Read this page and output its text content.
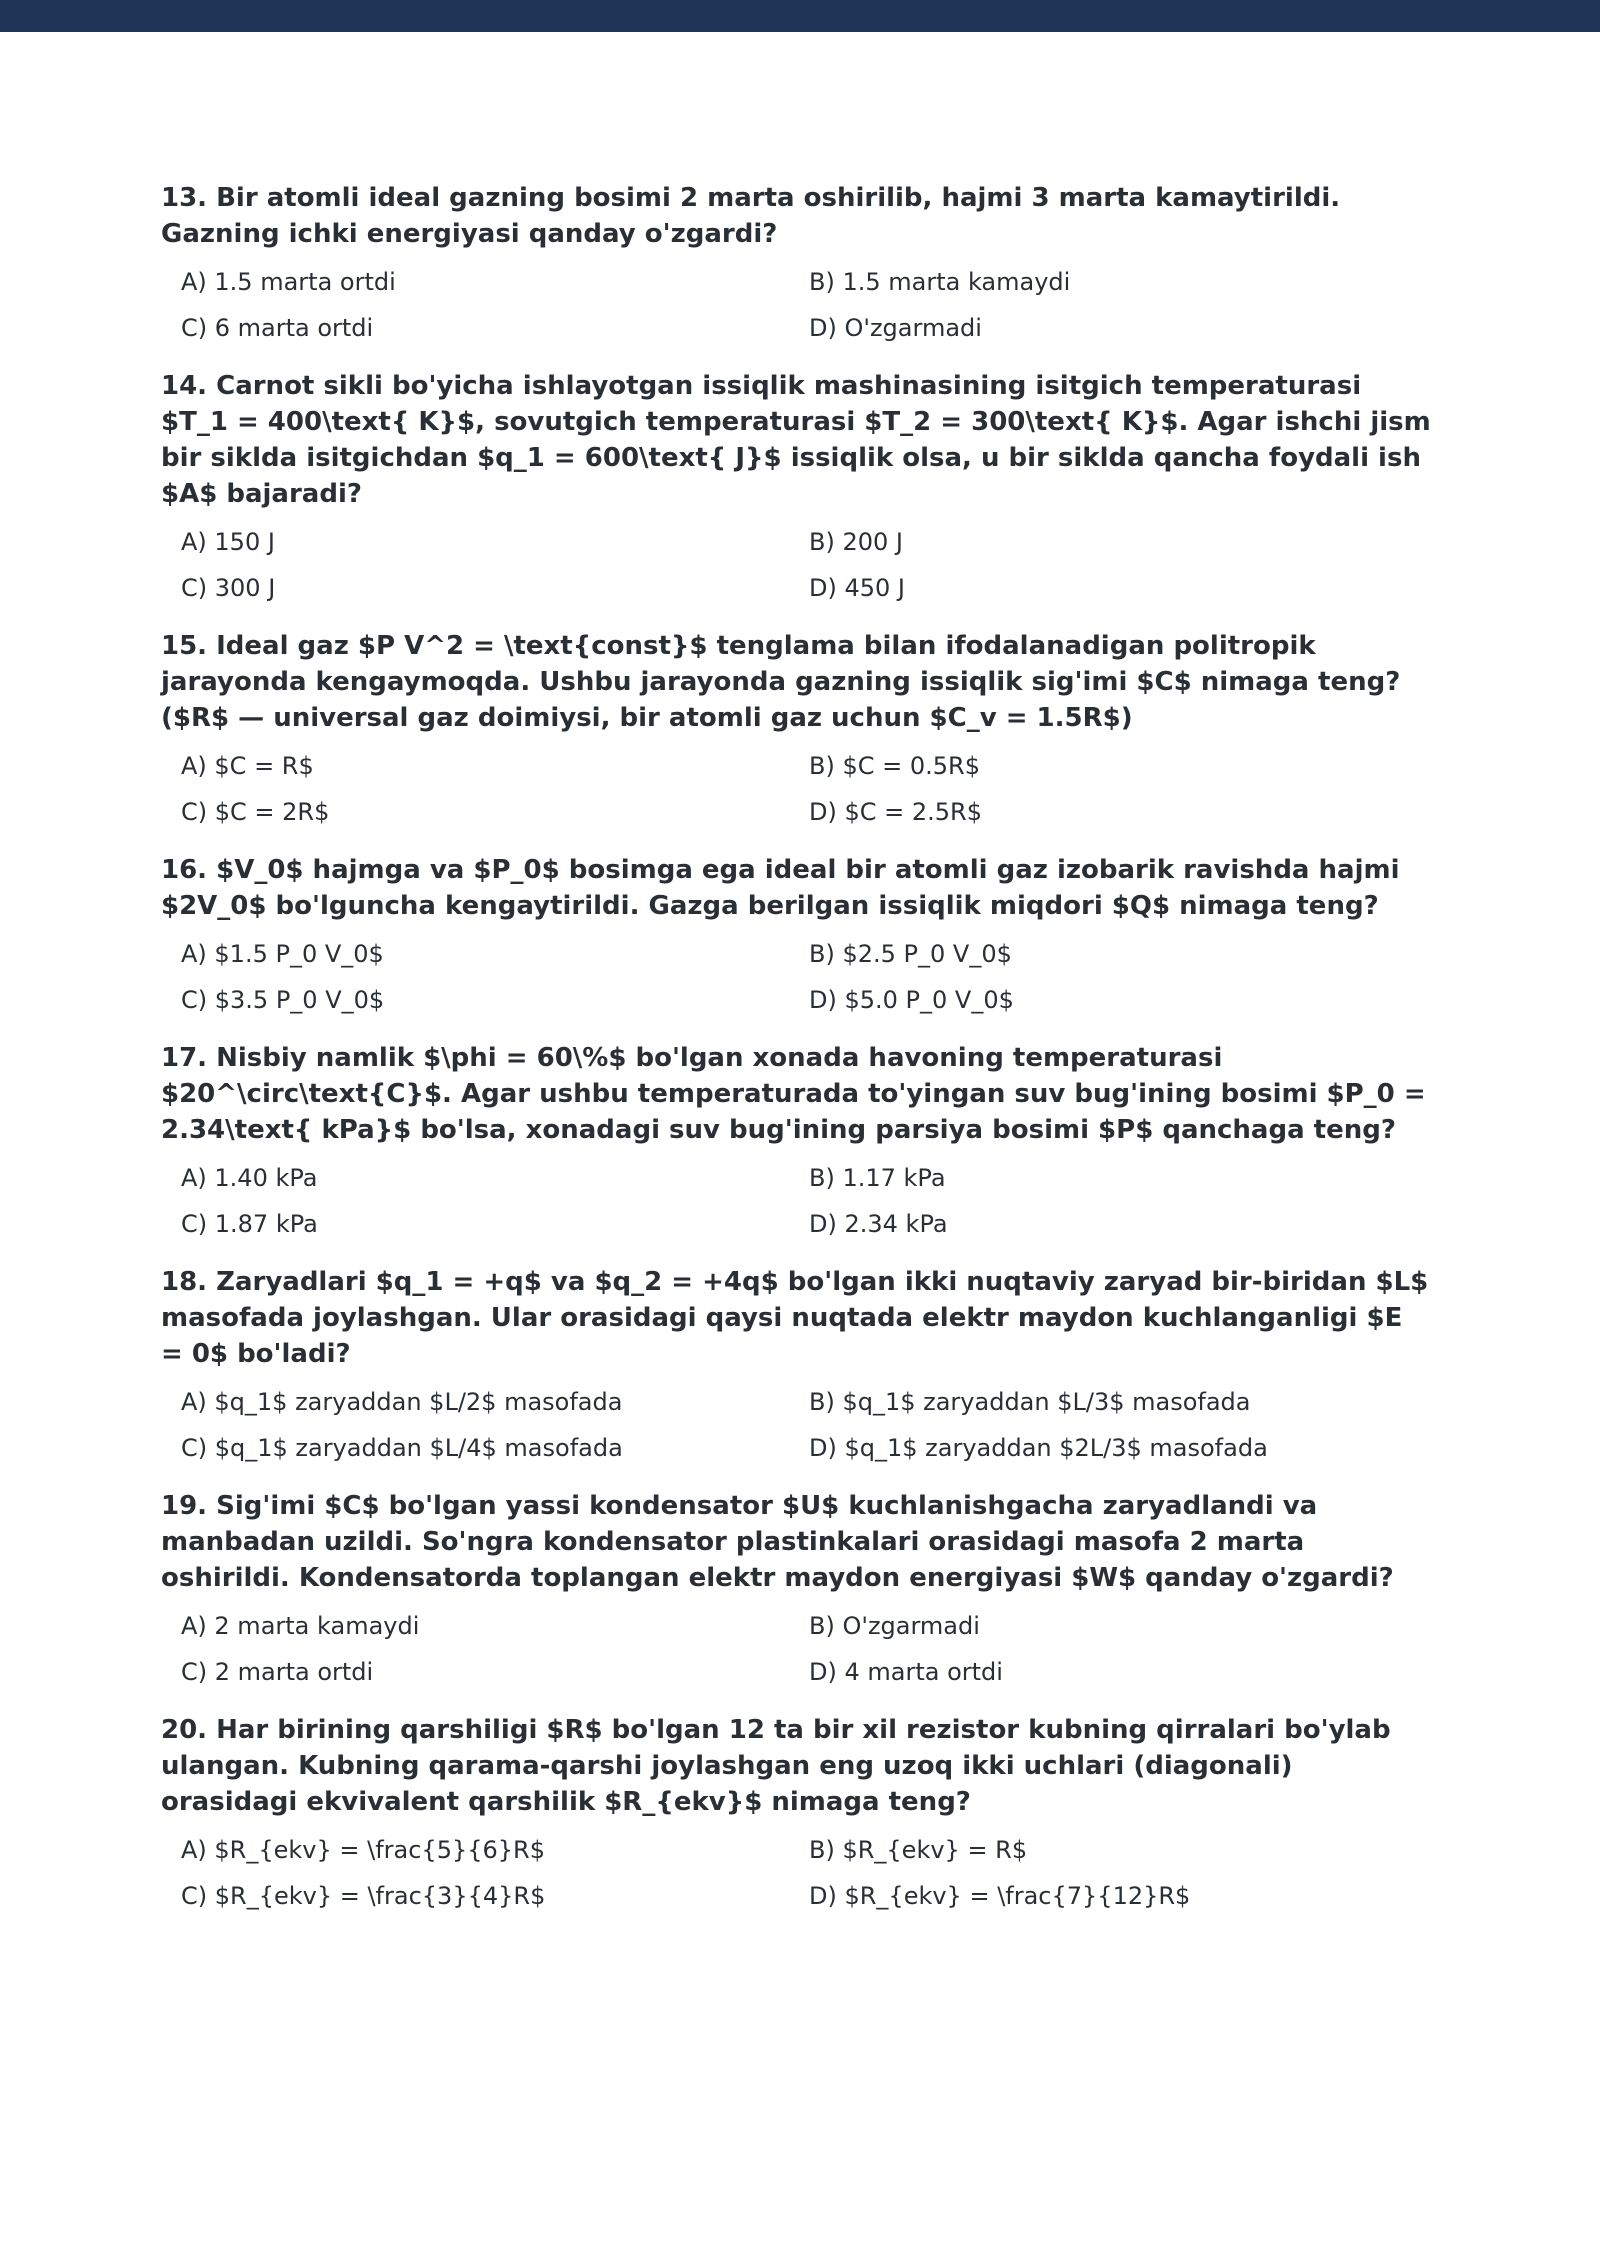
13. Bir atomli ideal gazning bosimi 2 marta oshirilib, hajmi 3 marta kamaytirildi. Gazning ichki energiyasi qanday o'zgardi?

A) 1.5 marta ortdi	B) 1.5 marta kamaydi
C) 6 marta ortdi	D) O'zgarmadi

14. Carnot sikli bo'yicha ishlayotgan issiqlik mashinasining isitgich temperaturasi $T_1 = 400\text{ K}$, sovutgich temperaturasi $T_2 = 300\text{ K}$. Agar ishchi jism bir siklda isitgichdan $q_1 = 600\text{ J}$ issiqlik olsa, u bir siklda qancha foydali ish $A$ bajaradi?

A) 150 J	B) 200 J
C) 300 J	D) 450 J

15. Ideal gaz $P V^2 = \text{const}$ tenglama bilan ifodalanadigan politropik jarayonda kengaymoqda. Ushbu jarayonda gazning issiqlik sig'imi $C$ nimaga teng? ($R$ — universal gaz doimiysi, bir atomli gaz uchun $C_v = 1.5R$)

A) $C = R$	B) $C = 0.5R$
C) $C = 2R$	D) $C = 2.5R$

16. $V_0$ hajmga va $P_0$ bosimga ega ideal bir atomli gaz izobarik ravishda hajmi $2V_0$ bo'lguncha kengaytirildi. Gazga berilgan issiqlik miqdori $Q$ nimaga teng?

A) $1.5 P_0 V_0$	B) $2.5 P_0 V_0$
C) $3.5 P_0 V_0$	D) $5.0 P_0 V_0$

17. Nisbiy namlik $\phi = 60\%$ bo'lgan xonada havoning temperaturasi $20^\circ\text{C}$. Agar ushbu temperaturada to'yingan suv bug'ining bosimi $P_0 = 2.34\text{ kPa}$ bo'lsa, xonadagi suv bug'ining parsiya bosimi $P$ qanchaga teng?

A) 1.40 kPa	B) 1.17 kPa
C) 1.87 kPa	D) 2.34 kPa

18. Zaryadlari $q_1 = +q$ va $q_2 = +4q$ bo'lgan ikki nuqtaviy zaryad bir-biridan $L$ masofada joylashgan. Ular orasidagi qaysi nuqtada elektr maydon kuchlanganligi $E = 0$ bo'ladi?

A) $q_1$ zaryaddan $L/2$ masofada	B) $q_1$ zaryaddan $L/3$ masofada
C) $q_1$ zaryaddan $L/4$ masofada	D) $q_1$ zaryaddan $2L/3$ masofada

19. Sig'imi $C$ bo'lgan yassi kondensator $U$ kuchlanishgacha zaryadlandi va manbadan uzildi. So'ngra kondensator plastinkalari orasidagi masofa 2 marta oshirildi. Kondensatorda toplangan elektr maydon energiyasi $W$ qanday o'zgardi?

A) 2 marta kamaydi	B) O'zgarmadi
C) 2 marta ortdi	D) 4 marta ortdi

20. Har birining qarshiligi $R$ bo'lgan 12 ta bir xil rezistor kubning qirralari bo'ylab ulangan. Kubning qarama-qarshi joylashgan eng uzoq ikki uchlari (diagonali) orasidagi ekvivalent qarshilik $R_{ekv}$ nimaga teng?

A) $R_{ekv} = \frac{5}{6}R$	B) $R_{ekv} = R$
C) $R_{ekv} = \frac{3}{4}R$	D) $R_{ekv} = \frac{7}{12}R$
